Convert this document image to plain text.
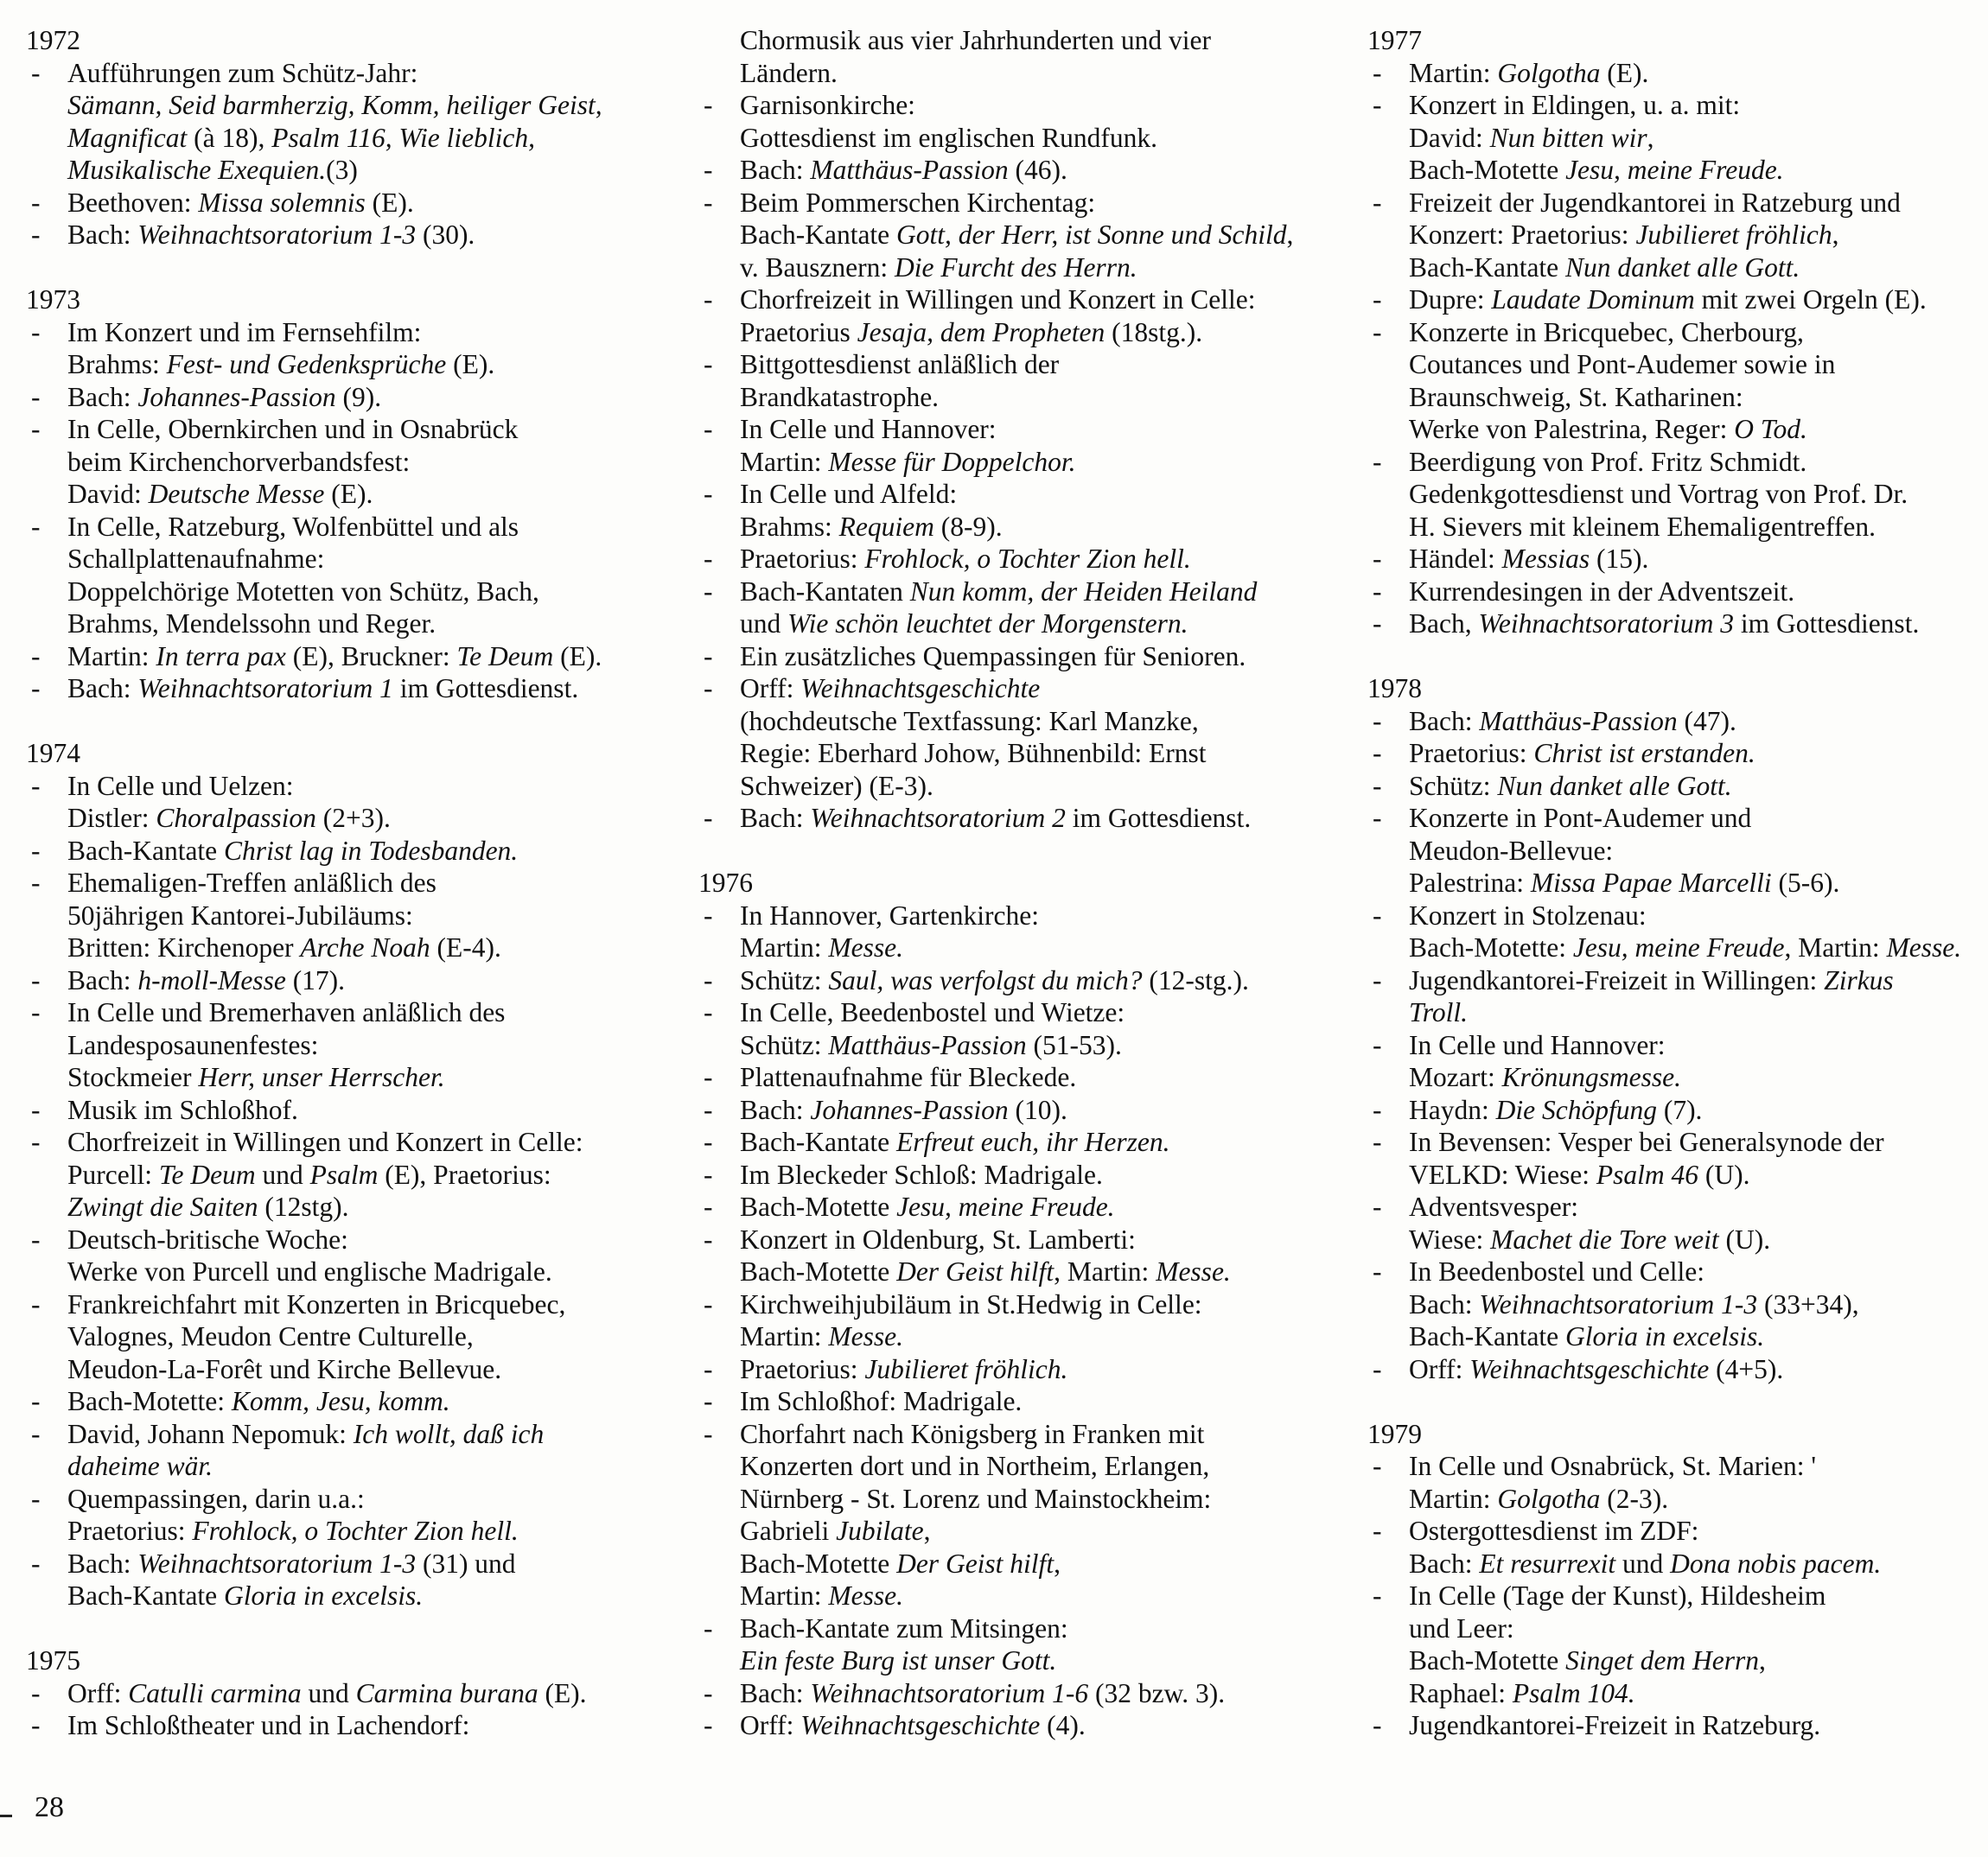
1972
- Aufführungen zum Schütz-Jahr:
Sämann, Seid barmherzig, Komm, heiliger Geist,
Magnificat (à 18), Psalm 116, Wie lieblich,
Musikalische Exequien.(3)
- Beethoven: Missa solemnis (E).
- Bach: Weihnachtsoratorium 1-3 (30).
1973
- Im Konzert und im Fernsehfilm:
Brahms: Fest- und Gedenksprüche (E).
- Bach: Johannes-Passion (9).
- In Celle, Obernkirchen und in Osnabrück
beim Kirchenchorverbandsfest:
David: Deutsche Messe (E).
- In Celle, Ratzeburg, Wolfenbüttel und als
Schallplattenaufnahme:
Doppelchörige Motetten von Schütz, Bach,
Brahms, Mendelssohn und Reger.
- Martin: In terra pax (E), Bruckner: Te Deum (E).
- Bach: Weihnachtsoratorium 1 im Gottesdienst.
1974
- In Celle und Uelzen:
Distler: Choralpassion (2+3).
- Bach-Kantate Christ lag in Todesbanden.
- Ehemaligen-Treffen anläßlich des
50jährigen Kantorei-Jubiläums:
Britten: Kirchenoper Arche Noah (E-4).
- Bach: h-moll-Messe (17).
- In Celle und Bremerhaven anläßlich des
Landesposaunenfestes:
Stockmeier Herr, unser Herrscher.
- Musik im Schloßhof.
- Chorfreizeit in Willingen und Konzert in Celle:
Purcell: Te Deum und Psalm (E), Praetorius:
Zwingt die Saiten (12stg).
- Deutsch-britische Woche:
Werke von Purcell und englische Madrigale.
- Frankreichfahrt mit Konzerten in Bricquebec,
Valognes, Meudon Centre Culturelle,
Meudon-La-Forêt und Kirche Bellevue.
- Bach-Motette: Komm, Jesu, komm.
- David, Johann Nepomuk: Ich wollt, daß ich
daheime wär.
- Quempassingen, darin u.a.:
Praetorius: Frohlock, o Tochter Zion hell.
- Bach: Weihnachtsoratorium 1-3 (31) und
Bach-Kantate Gloria in excelsis.
1975
- Orff: Catulli carmina und Carmina burana (E).
- Im Schloßtheater und in Lachendorf:
Chormusik aus vier Jahrhunderten und vier
Ländern.
- Garnisonkirche:
Gottesdienst im englischen Rundfunk.
- Bach: Matthäus-Passion (46).
- Beim Pommerschen Kirchentag:
Bach-Kantate Gott, der Herr, ist Sonne und Schild,
v. Bausznern: Die Furcht des Herrn.
- Chorfreizeit in Willingen und Konzert in Celle:
Praetorius Jesaja, dem Propheten (18stg.).
- Bittgottesdienst anläßlich der
Brandkatastrophe.
- In Celle und Hannover:
Martin: Messe für Doppelchor.
- In Celle und Alfeld:
Brahms: Requiem (8-9).
- Praetorius: Frohlock, o Tochter Zion hell.
- Bach-Kantaten Nun komm, der Heiden Heiland
und Wie schön leuchtet der Morgenstern.
- Ein zusätzliches Quempassingen für Senioren.
- Orff: Weihnachtsgeschichte
(hochdeutsche Textfassung: Karl Manzke,
Regie: Eberhard Johow, Bühnenbild: Ernst
Schweizer) (E-3).
- Bach: Weihnachtsoratorium 2 im Gottesdienst.
1976
- In Hannover, Gartenkirche:
Martin: Messe.
- Schütz: Saul, was verfolgst du mich? (12-stg.).
- In Celle, Beedenbostel und Wietze:
Schütz: Matthäus-Passion (51-53).
- Plattenaufnahme für Bleckede.
- Bach: Johannes-Passion (10).
- Bach-Kantate Erfreut euch, ihr Herzen.
- Im Bleckeder Schloß: Madrigale.
- Bach-Motette Jesu, meine Freude.
- Konzert in Oldenburg, St. Lamberti:
Bach-Motette Der Geist hilft, Martin: Messe.
- Kirchweihjubiläum in St.Hedwig in Celle:
Martin: Messe.
- Praetorius: Jubilieret fröhlich.
- Im Schloßhof: Madrigale.
- Chorfahrt nach Königsberg in Franken mit
Konzerten dort und in Northeim, Erlangen,
Nürnberg - St. Lorenz und Mainstockheim:
Gabrieli Jubilate,
Bach-Motette Der Geist hilft,
Martin: Messe.
- Bach-Kantate zum Mitsingen:
Ein feste Burg ist unser Gott.
- Bach: Weihnachtsoratorium 1-6 (32 bzw. 3).
- Orff: Weihnachtsgeschichte (4).
1977
- Martin: Golgotha (E).
- Konzert in Eldingen, u. a. mit:
David: Nun bitten wir,
Bach-Motette Jesu, meine Freude.
- Freizeit der Jugendkantorei in Ratzeburg und
Konzert: Praetorius: Jubilieret fröhlich,
Bach-Kantate Nun danket alle Gott.
- Dupre: Laudate Dominum mit zwei Orgeln (E).
- Konzerte in Bricquebec, Cherbourg,
Coutances und Pont-Audemer sowie in
Braunschweig, St. Katharinen:
Werke von Palestrina, Reger: O Tod.
- Beerdigung von Prof. Fritz Schmidt.
Gedenkgottesdienst und Vortrag von Prof. Dr.
H. Sievers mit kleinem Ehemaligentreffen.
- Händel: Messias (15).
- Kurrendesingen in der Adventszeit.
- Bach, Weihnachtsoratorium 3 im Gottesdienst.
1978
- Bach: Matthäus-Passion (47).
- Praetorius: Christ ist erstanden.
- Schütz: Nun danket alle Gott.
- Konzerte in Pont-Audemer und
Meudon-Bellevue:
Palestrina: Missa Papae Marcelli (5-6).
- Konzert in Stolzenau:
Bach-Motette: Jesu, meine Freude, Martin: Messe.
- Jugendkantorei-Freizeit in Willingen: Zirkus
Troll.
- In Celle und Hannover:
Mozart: Krönungsmesse.
- Haydn: Die Schöpfung (7).
- In Bevensen: Vesper bei Generalsynode der
VELKD: Wiese: Psalm 46 (U).
- Adventsvesper:
Wiese: Machet die Tore weit (U).
- In Beedenbostel und Celle:
Bach: Weihnachtsoratorium 1-3 (33+34),
Bach-Kantate Gloria in excelsis.
- Orff: Weihnachtsgeschichte (4+5).
1979
- In Celle und Osnabrück, St. Marien: '
Martin: Golgotha (2-3).
- Ostergottesdienst im ZDF:
Bach: Et resurrexit und Dona nobis pacem.
- In Celle (Tage der Kunst), Hildesheim
und Leer:
Bach-Motette Singet dem Herrn,
Raphael: Psalm 104.
- Jugendkantorei-Freizeit in Ratzeburg.
28
